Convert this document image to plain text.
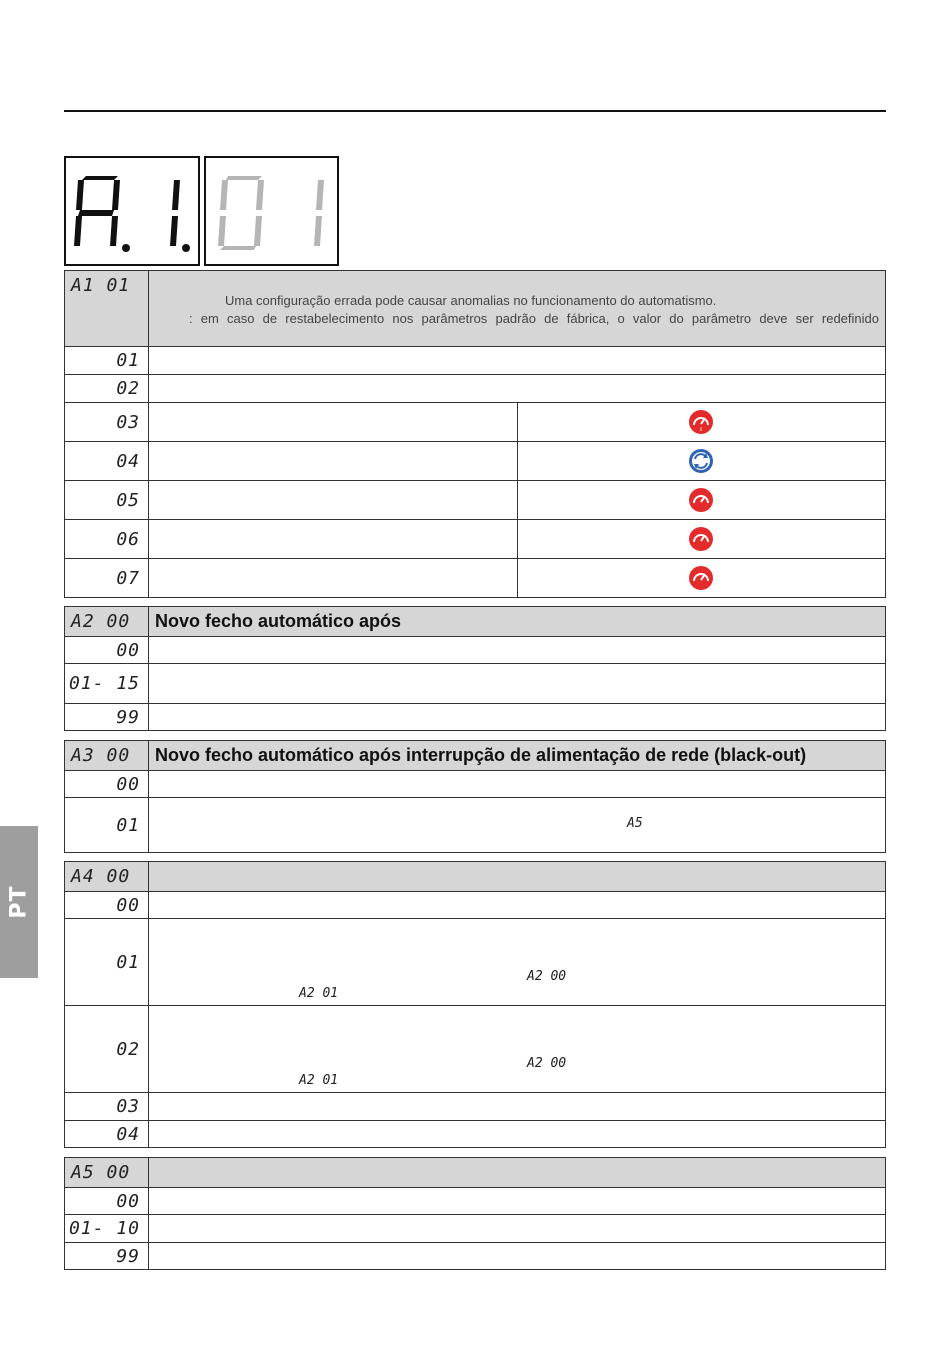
A1 01	Uma configuração errada pode causar anomalias no funcionamento do automatismo.
: em caso de restabelecimento nos parâmetros padrão de fábrica, o valor do parâmetro deve ser redefinido	

01		
02		
03		0

04		
05		
06		
07		
A2 00	Novo fecho automático após
00	
01- 15	
99	
A3 00	Novo fecho automático após interrupção de alimentação de rede (black-out)
00	
01	A5
A4 00	
00	
01	A2 00
A2 01

02	A2 00
A2 01

03	
04	
A5 00	
00	
01- 10	
99	
PT
